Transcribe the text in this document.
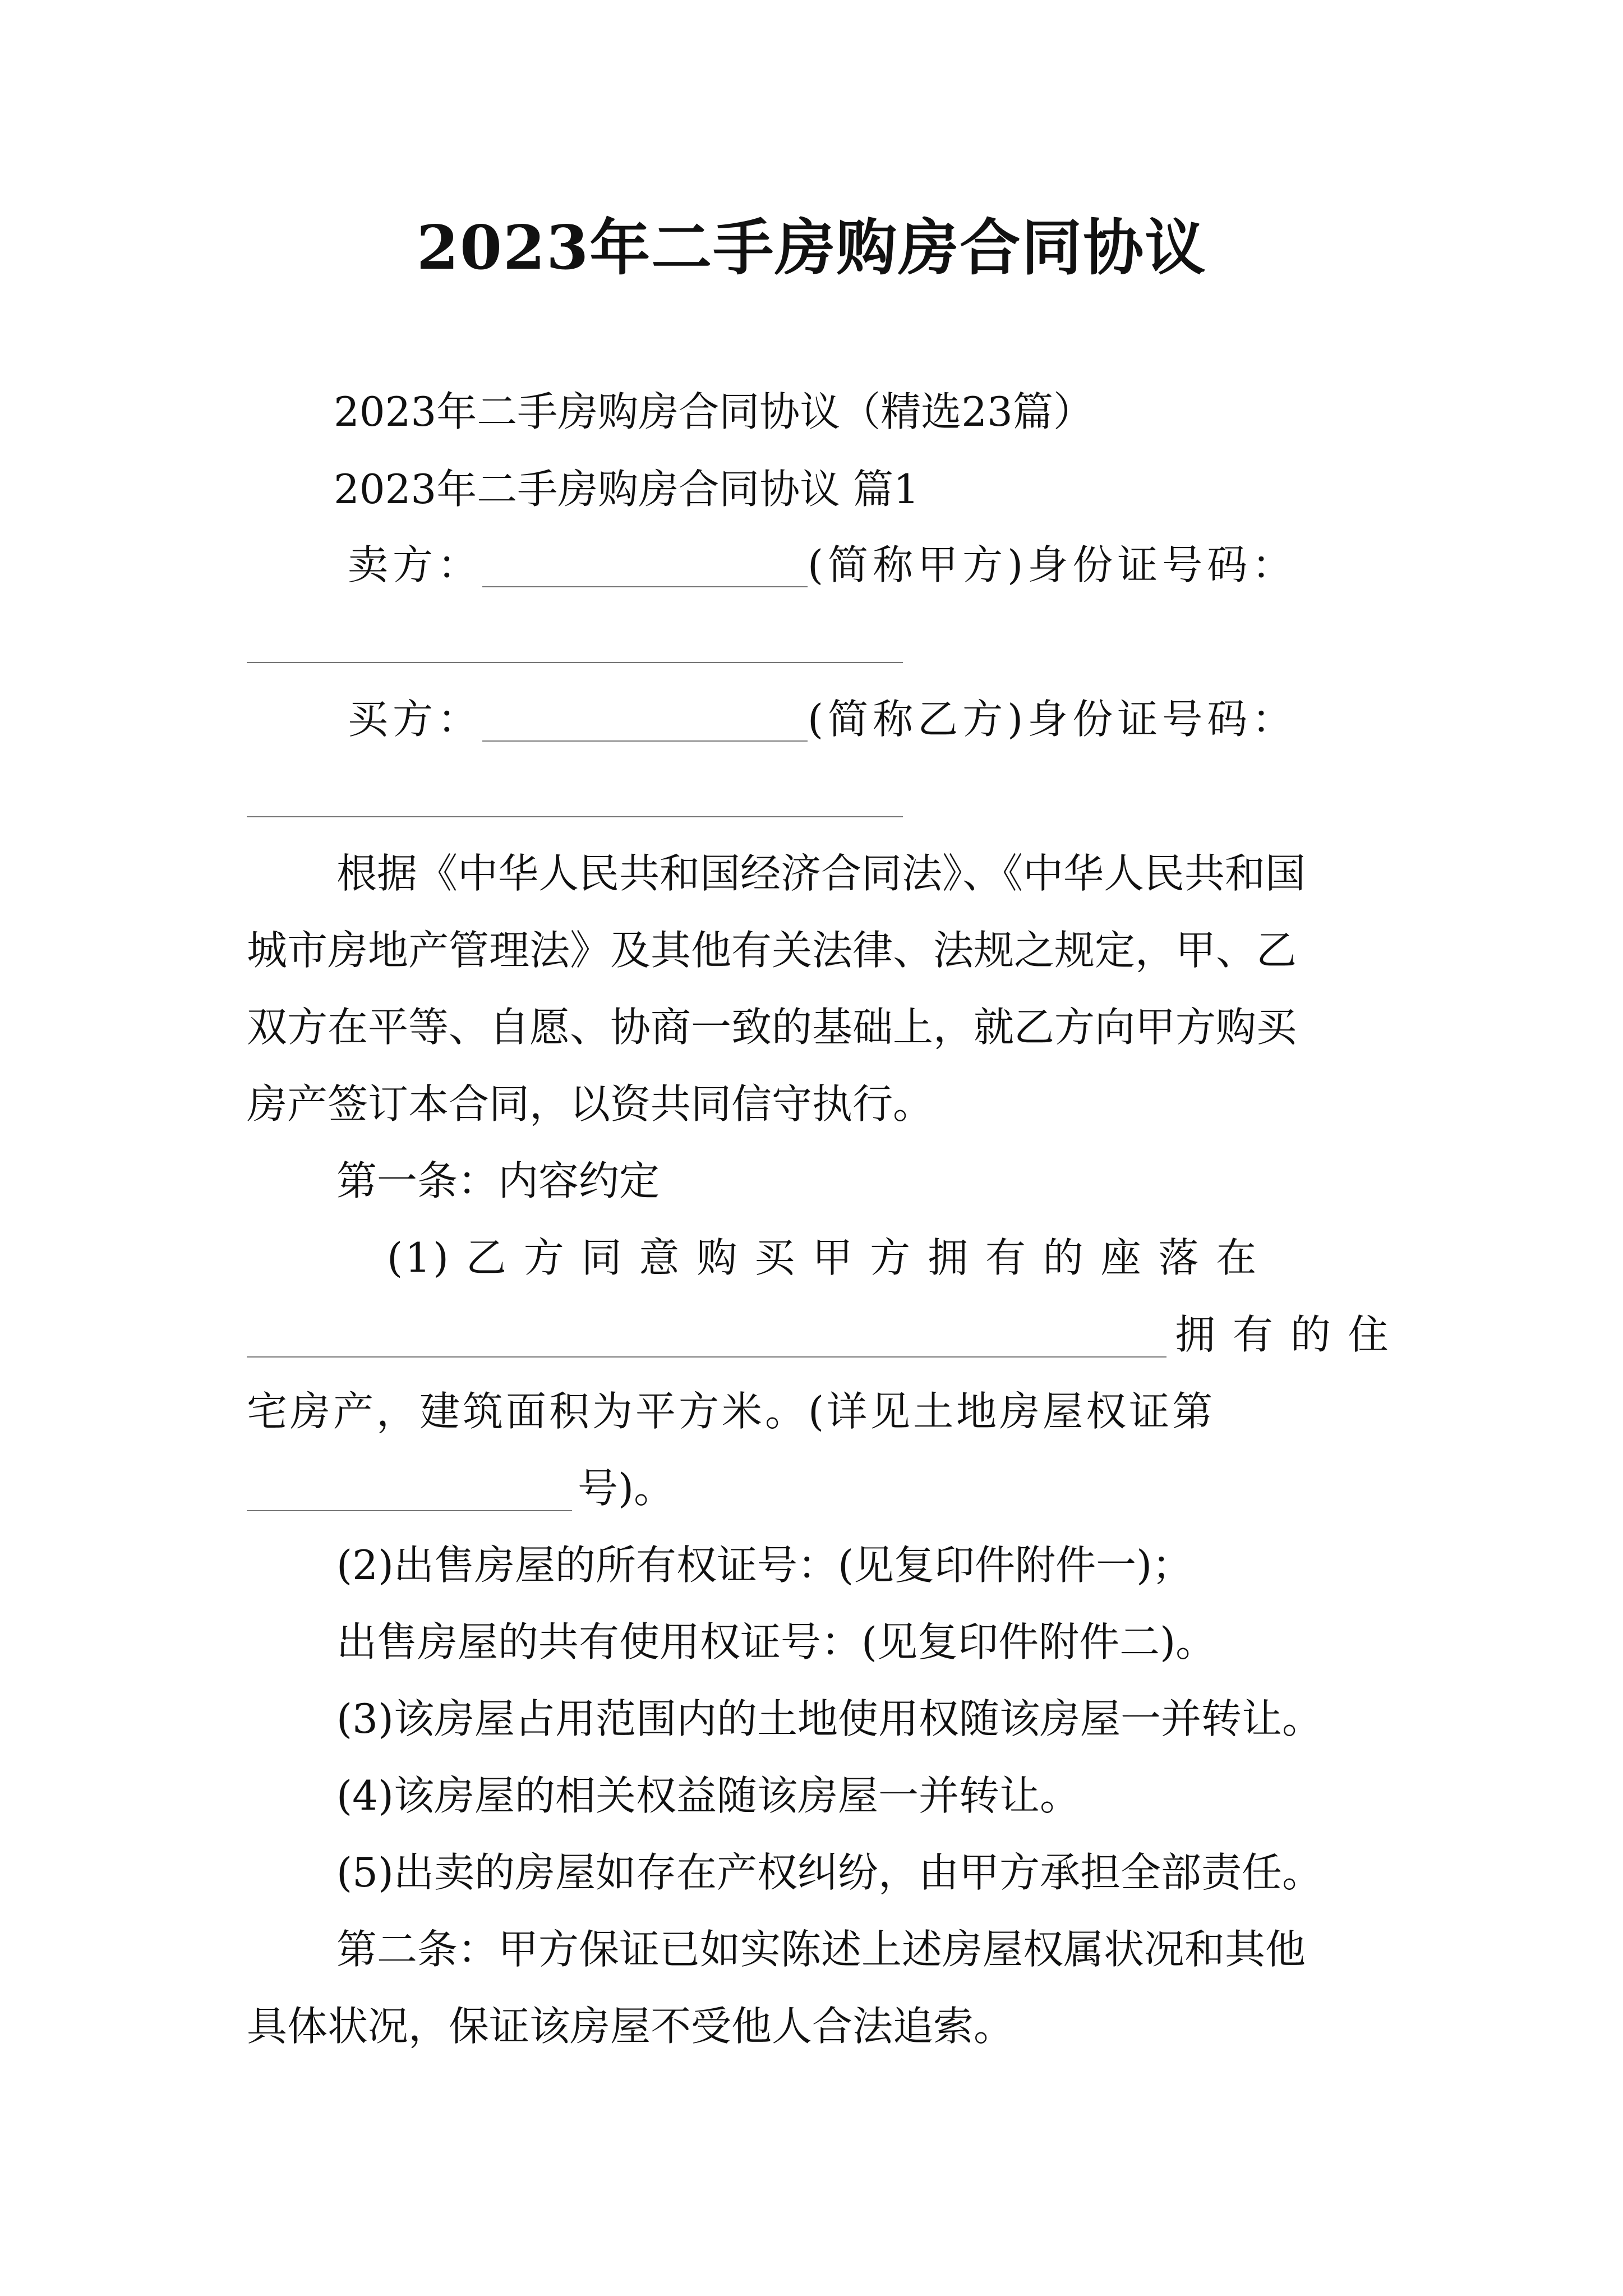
2023年二手房购房合同协议
2023年二手房购房合同协议（精选23篇）
2023年二手房购房合同协议 篇1
卖方：	(简称甲方)身份证号码：
买方：	(简称乙方)身份证号码：
根据《中华人民共和国经济合同法》、《中华人民共和国
城市房地产管理法》及其他有关法律、法规之规定，甲、乙
双方在平等、自愿、协商一致的基础上，就乙方向甲方购买
房产签订本合同，以资共同信守执行。
第一条：内容约定
(1) 乙 方 同 意 购 买 甲 方 拥 有 的 座 落 在
拥 有 的 住
宅房产，建筑面积为平方米。(详见土地房屋权证第
号)。
(2)出售房屋的所有权证号：(见复印件附件一)；
出售房屋的共有使用权证号：(见复印件附件二)。
(3)该房屋占用范围内的土地使用权随该房屋一并转让。
(4)该房屋的相关权益随该房屋一并转让。
(5)出卖的房屋如存在产权纠纷，由甲方承担全部责任。
第二条：甲方保证已如实陈述上述房屋权属状况和其他
具体状况，保证该房屋不受他人合法追索。
